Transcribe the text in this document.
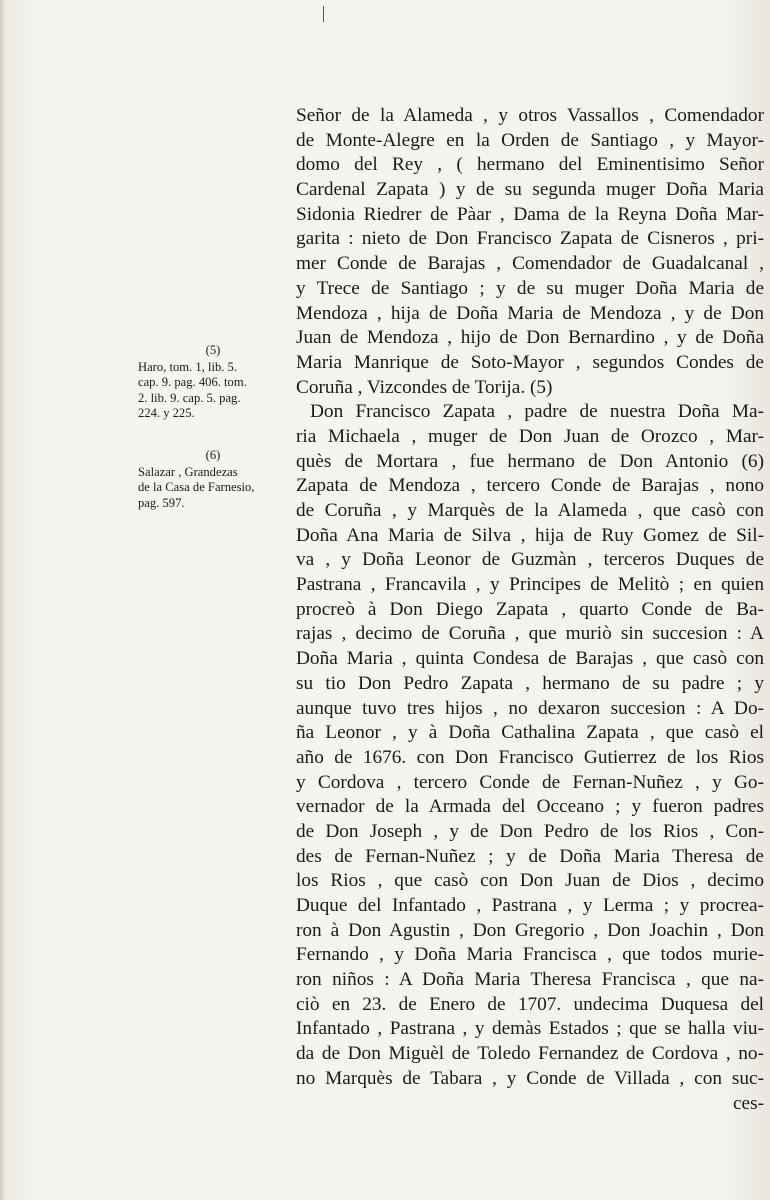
(5)
Haro, tom. 1, lib. 5.
cap. 9. pag. 406. tom.
2. lib. 9. cap. 5. pag.
224. y 225.
(6)
Salazar , Grandezas
de la Casa de Farnesio,
pag. 597.
Señor de la Alameda , y otros Vassallos , Comendador
de Monte-Alegre en la Orden de Santiago , y Mayor-
domo del Rey , ( hermano del Eminentisimo Señor
Cardenal Zapata ) y de su segunda muger Doña Maria
Sidonia Riedrer de Pàar , Dama de la Reyna Doña Mar-
garita : nieto de Don Francisco Zapata de Cisneros , pri-
mer Conde de Barajas , Comendador de Guadalcanal ,
y Trece de Santiago ; y de su muger Doña Maria de
Mendoza , hija de Doña Maria de Mendoza , y de Don
Juan de Mendoza , hijo de Don Bernardino , y de Doña
Maria Manrique de Soto-Mayor , segundos Condes de
Coruña , Vizcondes de Torija. (5)
Don Francisco Zapata , padre de nuestra Doña Ma-
ria Michaela , muger de Don Juan de Orozco , Mar-
quès de Mortara , fue hermano de Don Antonio (6)
Zapata de Mendoza , tercero Conde de Barajas , nono
de Coruña , y Marquès de la Alameda , que casò con
Doña Ana Maria de Silva , hija de Ruy Gomez de Sil-
va , y Doña Leonor de Guzmàn , terceros Duques de
Pastrana , Francavila , y Principes de Melitò ; en quien
procreò à Don Diego Zapata , quarto Conde de Ba-
rajas , decimo de Coruña , que muriò sin succesion : A
Doña Maria , quinta Condesa de Barajas , que casò con
su tio Don Pedro Zapata , hermano de su padre ; y
aunque tuvo tres hijos , no dexaron succesion : A Do-
ña Leonor , y à Doña Cathalina Zapata , que casò el
año de 1676. con Don Francisco Gutierrez de los Rios
y Cordova , tercero Conde de Fernan-Nuñez , y Go-
vernador de la Armada del Occeano ; y fueron padres
de Don Joseph , y de Don Pedro de los Rios , Con-
des de Fernan-Nuñez ; y de Doña Maria Theresa de
los Rios , que casò con Don Juan de Dios , decimo
Duque del Infantado , Pastrana , y Lerma ; y procrea-
ron à Don Agustin , Don Gregorio , Don Joachin , Don
Fernando , y Doña Maria Francisca , que todos murie-
ron niños : A Doña Maria Theresa Francisca , que na-
ciò en 23. de Enero de 1707. undecima Duquesa del
Infantado , Pastrana , y demàs Estados ; que se halla viu-
da de Don Miguèl de Toledo Fernandez de Cordova , no-
no Marquès de Tabara , y Conde de Villada , con suc-
ces-
